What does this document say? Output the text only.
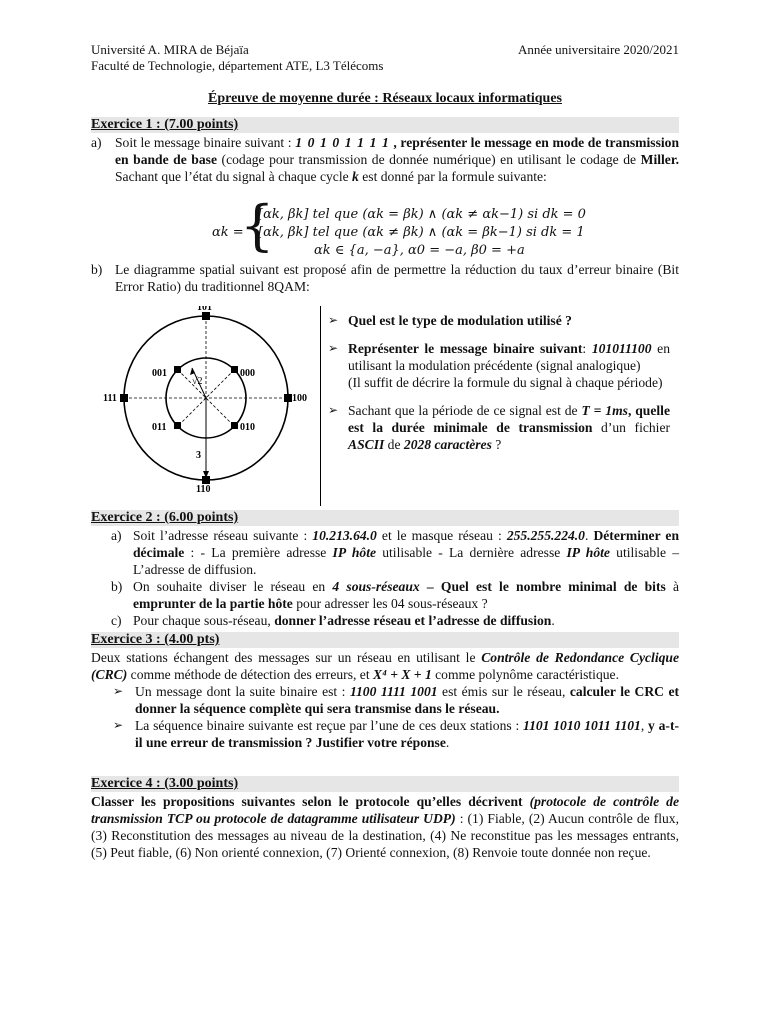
Université A. MIRA de Béjaïa	Année universitaire 2020/2021
Faculté de Technologie, département ATE, L3 Télécoms
Épreuve de moyenne durée : Réseaux locaux informatiques
Exercice 1 : (7.00 points)
a) Soit le message binaire suivant : 1 0 1 0 1 1 1 1 , représenter le message en mode de transmission en bande de base (codage pour transmission de donnée numérique) en utilisant le codage de Miller. Sachant que l’état du signal à chaque cycle k est donné par la formule suivante:
αk =
{
[αk, βk] tel que (αk = βk) ∧ (αk ≠ αk−1) si dk = 0
[αk, βk] tel que (αk ≠ βk) ∧ (αk = βk−1) si dk = 1
αk ∈ {a, −a}, α0 = −a, β0 = +a
b) Le diagramme spatial suivant est proposé afin de permettre la réduction du taux d’erreur binaire (Bit Error Ratio) du traditionnel 8QAM:
101
110
111	100
001	000
011	010
√2
3
➢ Quel est le type de modulation utilisé ?
➢ Représenter le message binaire suivant: 101011100 en utilisant la modulation précédente (signal analogique)
(Il suffit de décrire la formule du signal à chaque période)
➢ Sachant que la période de ce signal est de T = 1ms, quelle est la durée minimale de transmission d’un fichier ASCII de 2028 caractères ?
Exercice 2 : (6.00 points)
a) Soit l’adresse réseau suivante : 10.213.64.0 et le masque réseau : 255.255.224.0. Déterminer en décimale : - La première adresse IP hôte utilisable - La dernière adresse IP hôte utilisable – L’adresse de diffusion.
b) On souhaite diviser le réseau en 4 sous-réseaux – Quel est le nombre minimal de bits à emprunter de la partie hôte pour adresser les 04 sous-réseaux ?
c) Pour chaque sous-réseau, donner l’adresse réseau et l’adresse de diffusion.
Exercice 3 : (4.00 pts)
Deux stations échangent des messages sur un réseau en utilisant le Contrôle de Redondance Cyclique (CRC) comme méthode de détection des erreurs, et X⁴ + X + 1 comme polynôme caractéristique.
➢ Un message dont la suite binaire est : 1100 1111 1001 est émis sur le réseau, calculer le CRC et donner la séquence complète qui sera transmise dans le réseau.
➢ La séquence binaire suivante est reçue par l’une de ces deux stations : 1101 1010 1011 1101, y a-t-il une erreur de transmission ? Justifier votre réponse.
Exercice 4 : (3.00 points)
Classer les propositions suivantes selon le protocole qu’elles décrivent (protocole de contrôle de transmission TCP ou protocole de datagramme utilisateur UDP) : (1) Fiable, (2) Aucun contrôle de flux, (3) Reconstitution des messages au niveau de la destination, (4) Ne reconstitue pas les messages entrants, (5) Peut fiable, (6) Non orienté connexion, (7) Orienté connexion, (8) Renvoie toute donnée non reçue.
